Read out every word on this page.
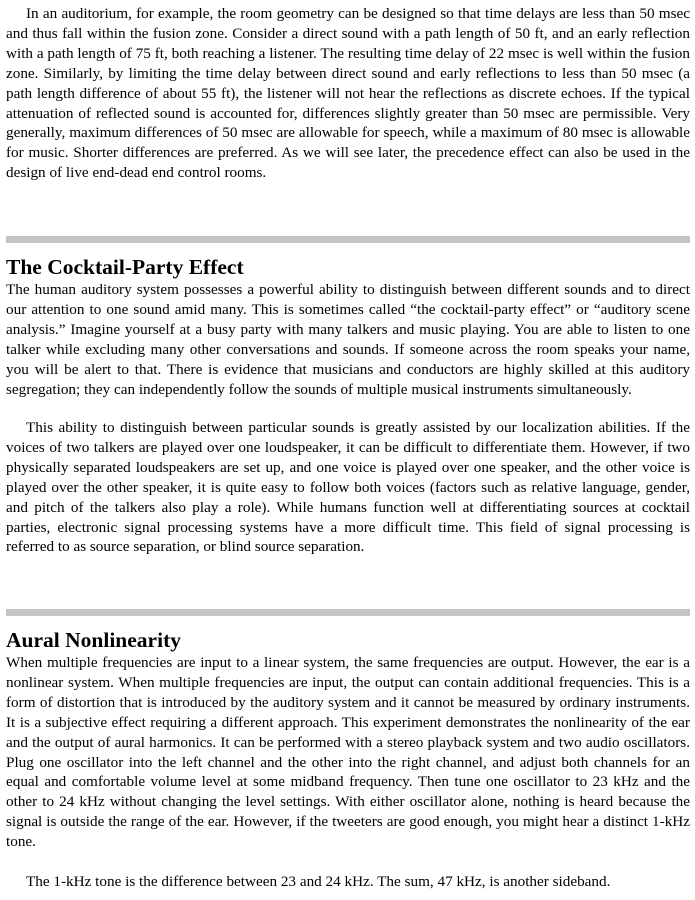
In an auditorium, for example, the room geometry can be designed so that time delays are less than 50 msec and thus fall within the fusion zone. Consider a direct sound with a path length of 50 ft, and an early reflection with a path length of 75 ft, both reaching a listener. The resulting time delay of 22 msec is well within the fusion zone. Similarly, by limiting the time delay between direct sound and early reflections to less than 50 msec (a path length difference of about 55 ft), the listener will not hear the reflections as discrete echoes. If the typical attenuation of reflected sound is accounted for, differences slightly greater than 50 msec are permissible. Very generally, maximum differences of 50 msec are allowable for speech, while a maximum of 80 msec is allowable for music. Shorter differences are preferred. As we will see later, the precedence effect can also be used in the design of live end-dead end control rooms.

The Cocktail-Party Effect

The human auditory system possesses a powerful ability to distinguish between different sounds and to direct our attention to one sound amid many. This is sometimes called “the cocktail-party effect” or “auditory scene analysis.” Imagine yourself at a busy party with many talkers and music playing. You are able to listen to one talker while excluding many other conversations and sounds. If someone across the room speaks your name, you will be alert to that. There is evidence that musicians and conductors are highly skilled at this auditory segregation; they can independently follow the sounds of multiple musical instruments simultaneously.

This ability to distinguish between particular sounds is greatly assisted by our localization abilities. If the voices of two talkers are played over one loudspeaker, it can be difficult to differentiate them. However, if two physically separated loudspeakers are set up, and one voice is played over one speaker, and the other voice is played over the other speaker, it is quite easy to follow both voices (factors such as relative language, gender, and pitch of the talkers also play a role). While humans function well at differentiating sources at cocktail parties, electronic signal processing systems have a more difficult time. This field of signal processing is referred to as source separation, or blind source separation.

Aural Nonlinearity

When multiple frequencies are input to a linear system, the same frequencies are output. However, the ear is a nonlinear system. When multiple frequencies are input, the output can contain additional frequencies. This is a form of distortion that is introduced by the auditory system and it cannot be measured by ordinary instruments. It is a subjective effect requiring a different approach. This experiment demonstrates the nonlinearity of the ear and the output of aural harmonics. It can be performed with a stereo playback system and two audio oscillators. Plug one oscillator into the left channel and the other into the right channel, and adjust both channels for an equal and comfortable volume level at some midband frequency. Then tune one oscillator to 23 kHz and the other to 24 kHz without changing the level settings. With either oscillator alone, nothing is heard because the signal is outside the range of the ear. However, if the tweeters are good enough, you might hear a distinct 1-kHz tone.

The 1-kHz tone is the difference between 23 and 24 kHz. The sum, 47 kHz, is another sideband.
